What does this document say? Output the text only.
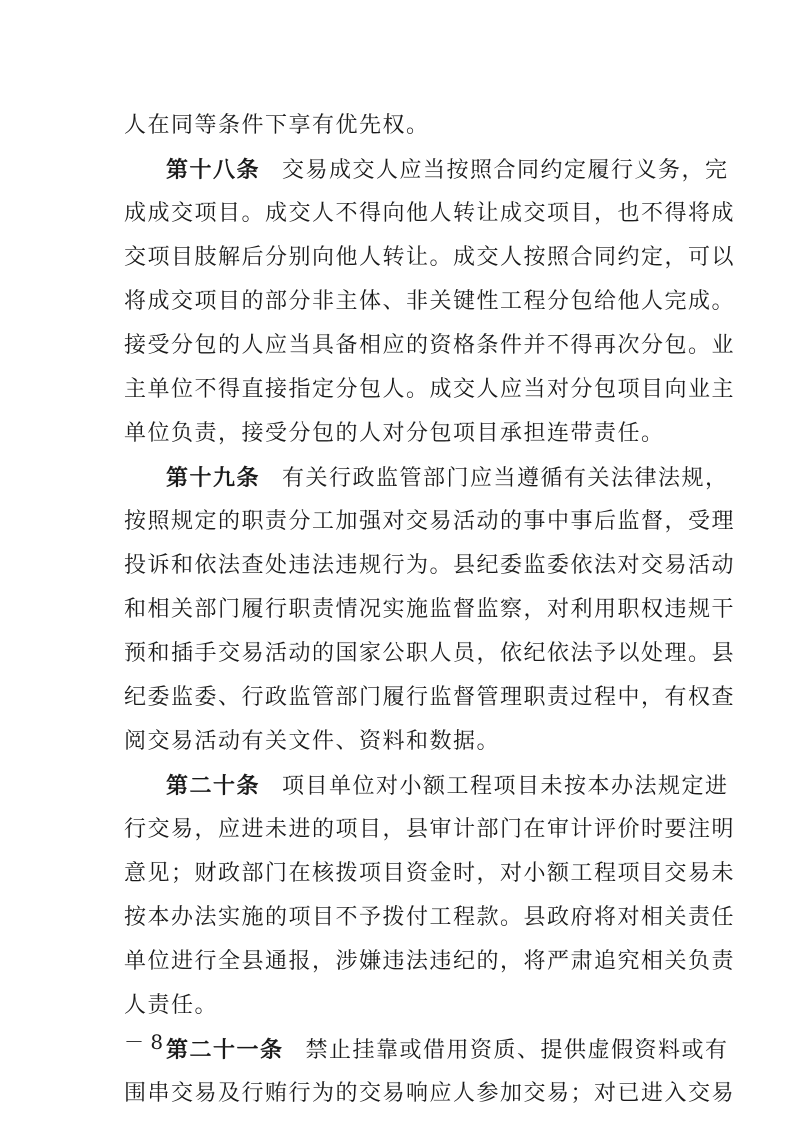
人在同等条件下享有优先权。
第十八条 交易成交人应当按照合同约定履行义务，完
成成交项目。成交人不得向他人转让成交项目，也不得将成
交项目肢解后分别向他人转让。成交人按照合同约定，可以
将成交项目的部分非主体、非关键性工程分包给他人完成。
接受分包的人应当具备相应的资格条件并不得再次分包。业
主单位不得直接指定分包人。成交人应当对分包项目向业主
单位负责，接受分包的人对分包项目承担连带责任。
第十九条 有关行政监管部门应当遵循有关法律法规，
按照规定的职责分工加强对交易活动的事中事后监督，受理
投诉和依法查处违法违规行为。县纪委监委依法对交易活动
和相关部门履行职责情况实施监督监察，对利用职权违规干
预和插手交易活动的国家公职人员，依纪依法予以处理。县
纪委监委、行政监管部门履行监督管理职责过程中，有权查
阅交易活动有关文件、资料和数据。
第二十条 项目单位对小额工程项目未按本办法规定进
行交易，应进未进的项目，县审计部门在审计评价时要注明
意见；财政部门在核拨项目资金时，对小额工程项目交易未
按本办法实施的项目不予拨付工程款。县政府将对相关责任
单位进行全县通报，涉嫌违法违纪的，将严肃追究相关负责
人责任。
第二十一条 禁止挂靠或借用资质、提供虚假资料或有
围串交易及行贿行为的交易响应人参加交易；对已进入交易
－ 8 －
